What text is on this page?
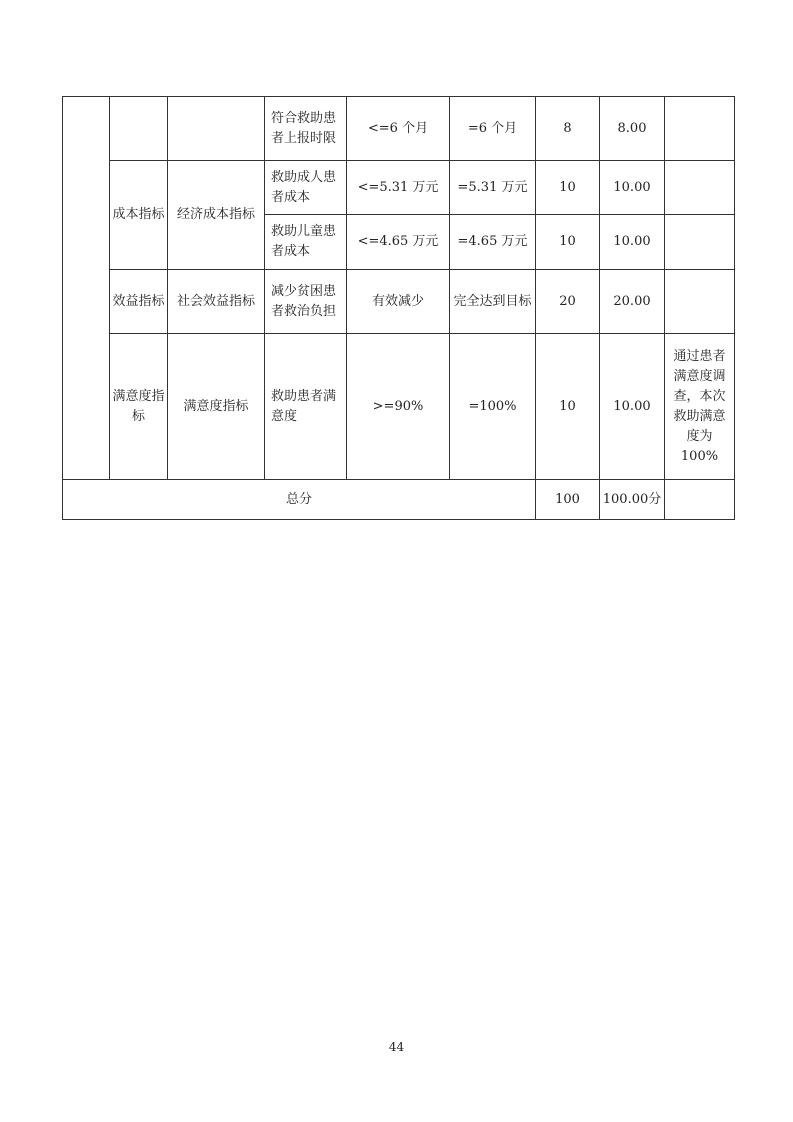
			符合救助患者上报时限	<=6 个月	=6 个月	8	8.00	
	成本指标	经济成本指标	救助成人患者成本	<=5.31 万元	=5.31 万元	10	10.00	
			救助儿童患者成本	<=4.65 万元	=4.65 万元	10	10.00	
	效益指标	社会效益指标	减少贫困患者救治负担	有效减少	完全达到目标	20	20.00	
	满意度指标	满意度指标	救助患者满意度	>=90%	=100%	10	10.00	通过患者满意度调查，本次救助满意度为100%
总分						100	100.00分	
44
